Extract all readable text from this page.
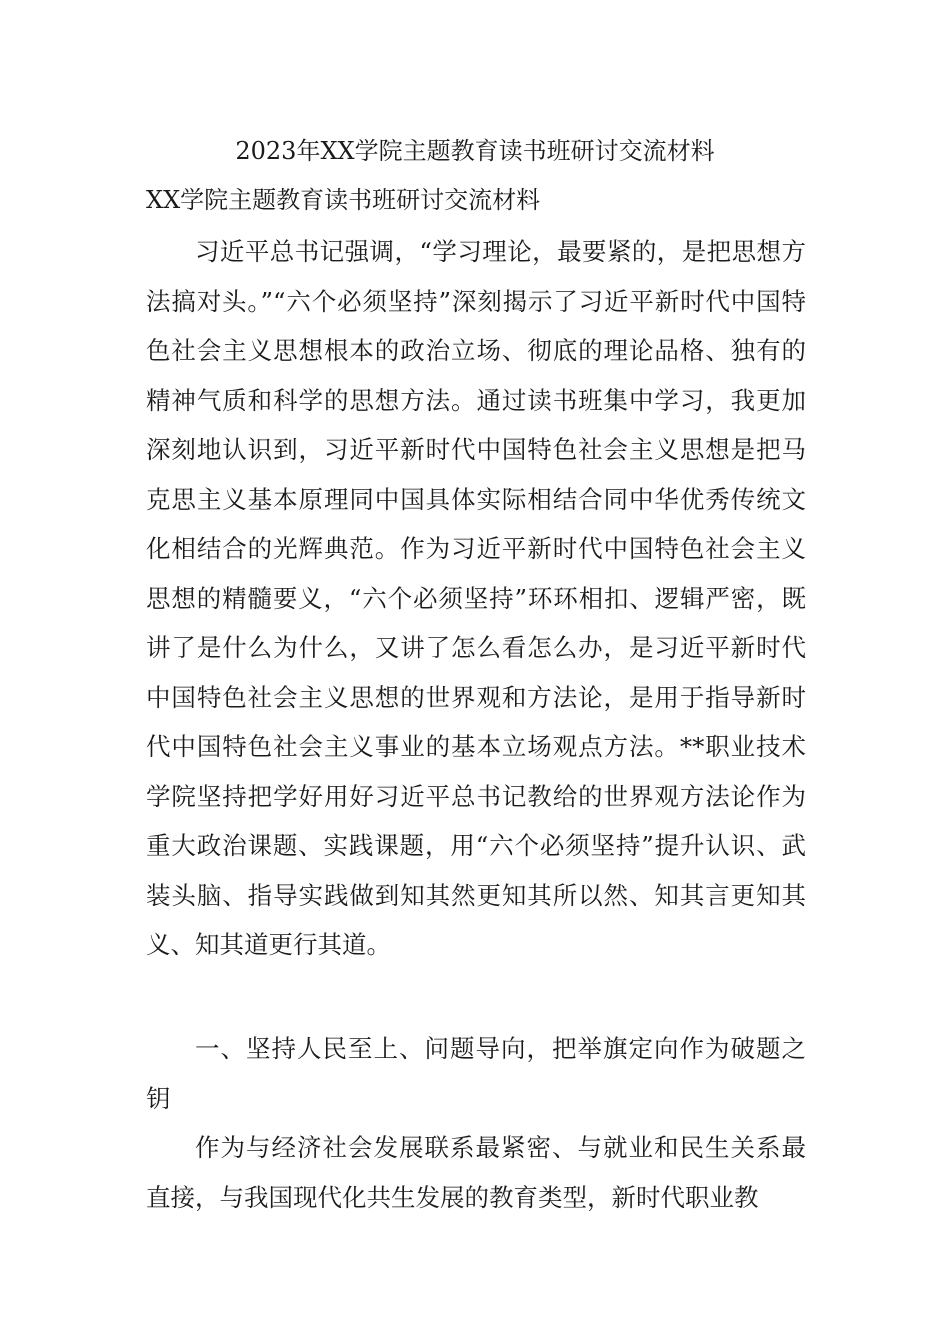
2023年XX学院主题教育读书班研讨交流材料
XX学院主题教育读书班研讨交流材料

习近平总书记强调，“学习理论，最要紧的，是把思想方法搞对头。”“六个必须坚持”深刻揭示了习近平新时代中国特色社会主义思想根本的政治立场、彻底的理论品格、独有的精神气质和科学的思想方法。通过读书班集中学习，我更加深刻地认识到，习近平新时代中国特色社会主义思想是把马克思主义基本原理同中国具体实际相结合同中华优秀传统文化相结合的光辉典范。作为习近平新时代中国特色社会主义思想的精髓要义，“六个必须坚持”环环相扣、逻辑严密，既讲了是什么为什么，又讲了怎么看怎么办，是习近平新时代中国特色社会主义思想的世界观和方法论，是用于指导新时代中国特色社会主义事业的基本立场观点方法。**职业技术学院坚持把学好用好习近平总书记教给的世界观方法论作为重大政治课题、实践课题，用“六个必须坚持”提升认识、武装头脑、指导实践做到知其然更知其所以然、知其言更知其义、知其道更行其道。

一、坚持人民至上、问题导向，把举旗定向作为破题之钥

作为与经济社会发展联系最紧密、与就业和民生关系最直接，与我国现代化共生发展的教育类型，新时代职业教
